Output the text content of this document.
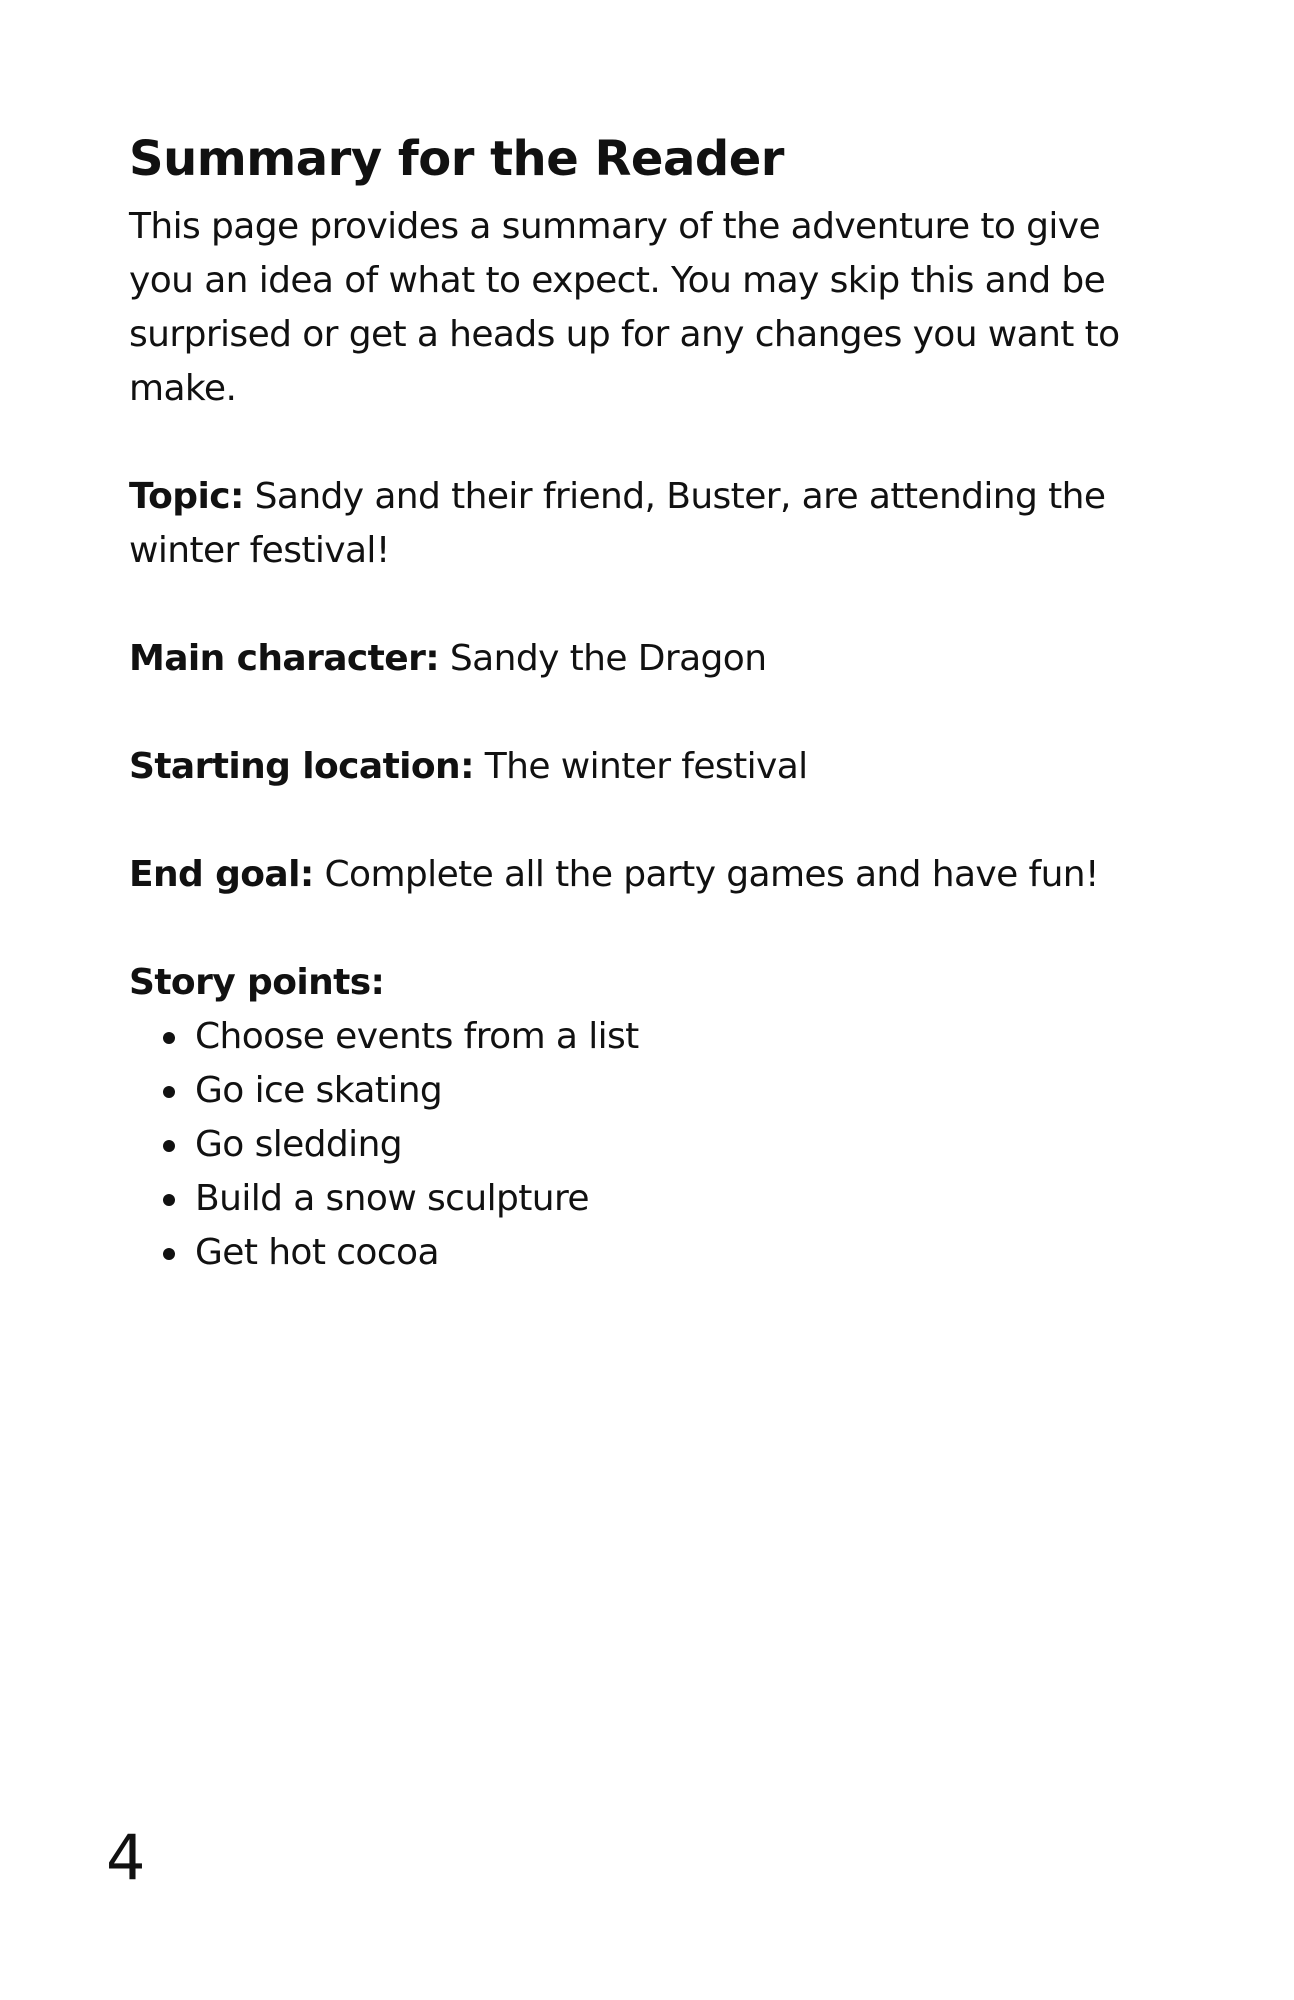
Summary for the Reader

This page provides a summary of the adventure to give you an idea of what to expect. You may skip this and be surprised or get a heads up for any changes you want to make.

Topic: Sandy and their friend, Buster, are attending the winter festival!

Main character: Sandy the Dragon

Starting location: The winter festival

End goal: Complete all the party games and have fun!

Story points:

Choose events from a list
Go ice skating
Go sledding
Build a snow sculpture
Get hot cocoa
4
